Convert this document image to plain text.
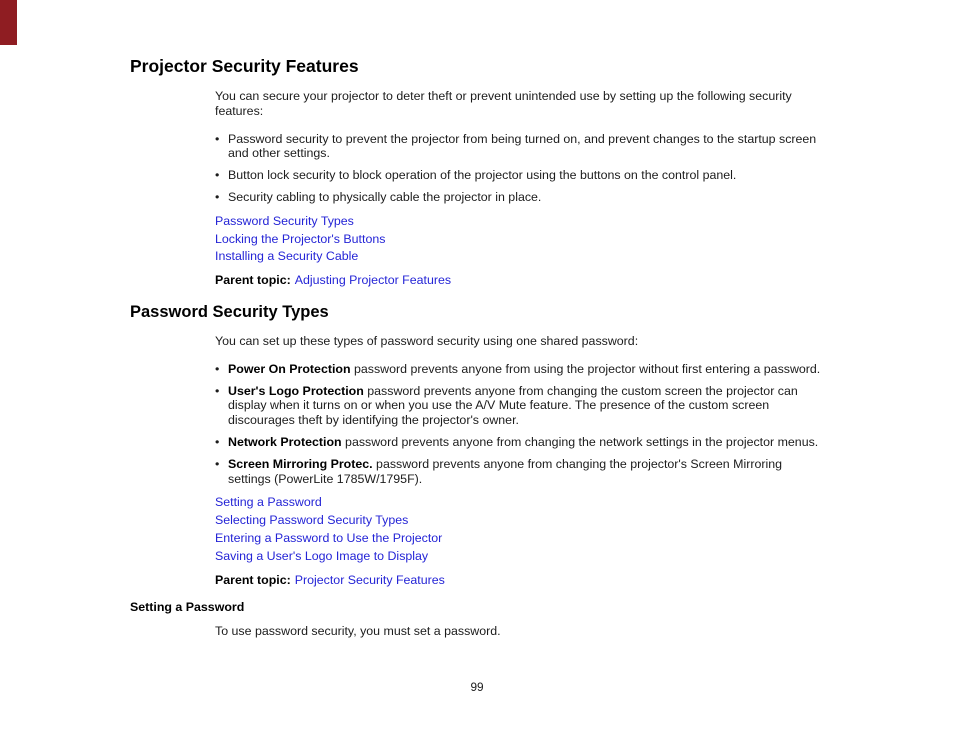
Projector Security Features

You can secure your projector to deter theft or prevent unintended use by setting up the following security features:

• Password security to prevent the projector from being turned on, and prevent changes to the startup screen and other settings.
• Button lock security to block operation of the projector using the buttons on the control panel.
• Security cabling to physically cable the projector in place.
Password Security Types
Locking the Projector's Buttons
Installing a Security Cable

Parent topic: Adjusting Projector Features

Password Security Types

You can set up these types of password security using one shared password:

• Power On Protection password prevents anyone from using the projector without first entering a password.
• User's Logo Protection password prevents anyone from changing the custom screen the projector can display when it turns on or when you use the A/V Mute feature. The presence of the custom screen discourages theft by identifying the projector's owner.
• Network Protection password prevents anyone from changing the network settings in the projector menus.
• Screen Mirroring Protec. password prevents anyone from changing the projector's Screen Mirroring settings (PowerLite 1785W/1795F).
Setting a Password
Selecting Password Security Types
Entering a Password to Use the Projector
Saving a User's Logo Image to Display

Parent topic: Projector Security Features

Setting a Password

To use password security, you must set a password.

99
